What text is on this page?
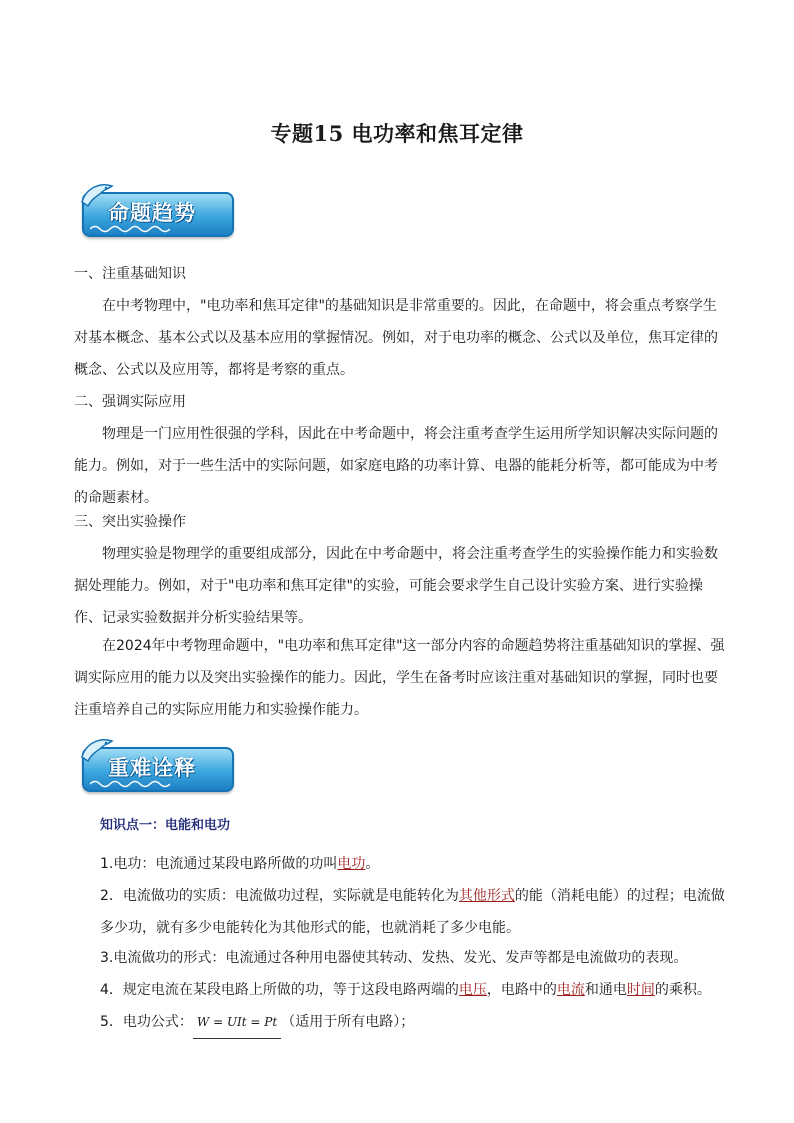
专题15 电功率和焦耳定律
命题趋势
一、注重基础知识
在中考物理中，"电功率和焦耳定律"的基础知识是非常重要的。因此，在命题中，将会重点考察学生对基本概念、基本公式以及基本应用的掌握情况。例如，对于电功率的概念、公式以及单位，焦耳定律的概念、公式以及应用等，都将是考察的重点。
二、强调实际应用
物理是一门应用性很强的学科，因此在中考命题中，将会注重考查学生运用所学知识解决实际问题的能力。例如，对于一些生活中的实际问题，如家庭电路的功率计算、电器的能耗分析等，都可能成为中考的命题素材。
三、突出实验操作
物理实验是物理学的重要组成部分，因此在中考命题中，将会注重考查学生的实验操作能力和实验数据处理能力。例如，对于"电功率和焦耳定律"的实验，可能会要求学生自己设计实验方案、进行实验操作、记录实验数据并分析实验结果等。
在2024年中考物理命题中，"电功率和焦耳定律"这一部分内容的命题趋势将注重基础知识的掌握、强调实际应用的能力以及突出实验操作的能力。因此，学生在备考时应该注重对基础知识的掌握，同时也要注重培养自己的实际应用能力和实验操作能力。
重难诠释
知识点一：电能和电功
1.电功：电流通过某段电路所做的功叫电功。
2．电流做功的实质：电流做功过程，实际就是电能转化为其他形式的能（消耗电能）的过程；电流做
多少功，就有多少电能转化为其他形式的能，也就消耗了多少电能。
3.电流做功的形式：电流通过各种用电器使其转动、发热、发光、发声等都是电流做功的表现。
4．规定电流在某段电路上所做的功，等于这段电路两端的电压，电路中的电流和通电时间的乘积。
5．电功公式： W = UIt = Pt （适用于所有电路）；
